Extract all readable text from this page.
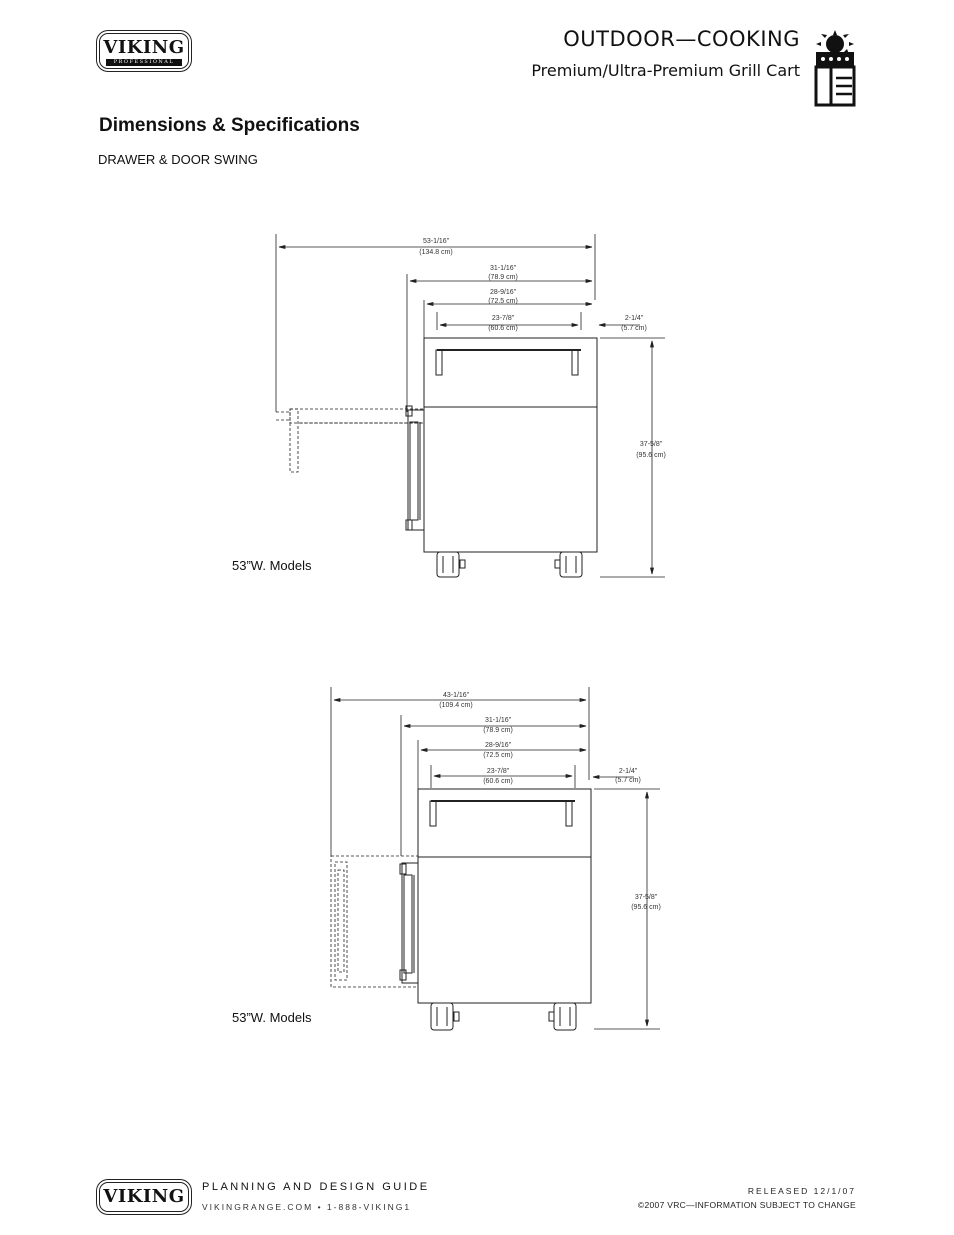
VIKING
PROFESSIONAL
OUTDOOR—COOKING
Premium/Ultra-Premium Grill Cart
Dimensions & Specifications
DRAWER & DOOR SWING
53-1/16”
(134.8 cm)
31-1/16”
(78.9 cm)
28-9/16”
(72.5 cm)
23-7/8”
(60.6 cm)
2-1/4”
(5.7 cm)
37-5/8”
(95.6 cm)
53”W. Models
43-1/16”
(109.4 cm)
31-1/16”
(78.9 cm)
28-9/16”
(72.5 cm)
23-7/8”
(60.6 cm)
2-1/4”
(5.7 cm)
37-5/8”
(95.6 cm)
53”W. Models
VIKING	PLANNING AND DESIGN GUIDE
VIKINGRANGE.COM • 1-888-VIKING1
RELEASED 12/1/07
©2007 VRC—INFORMATION SUBJECT TO CHANGE
